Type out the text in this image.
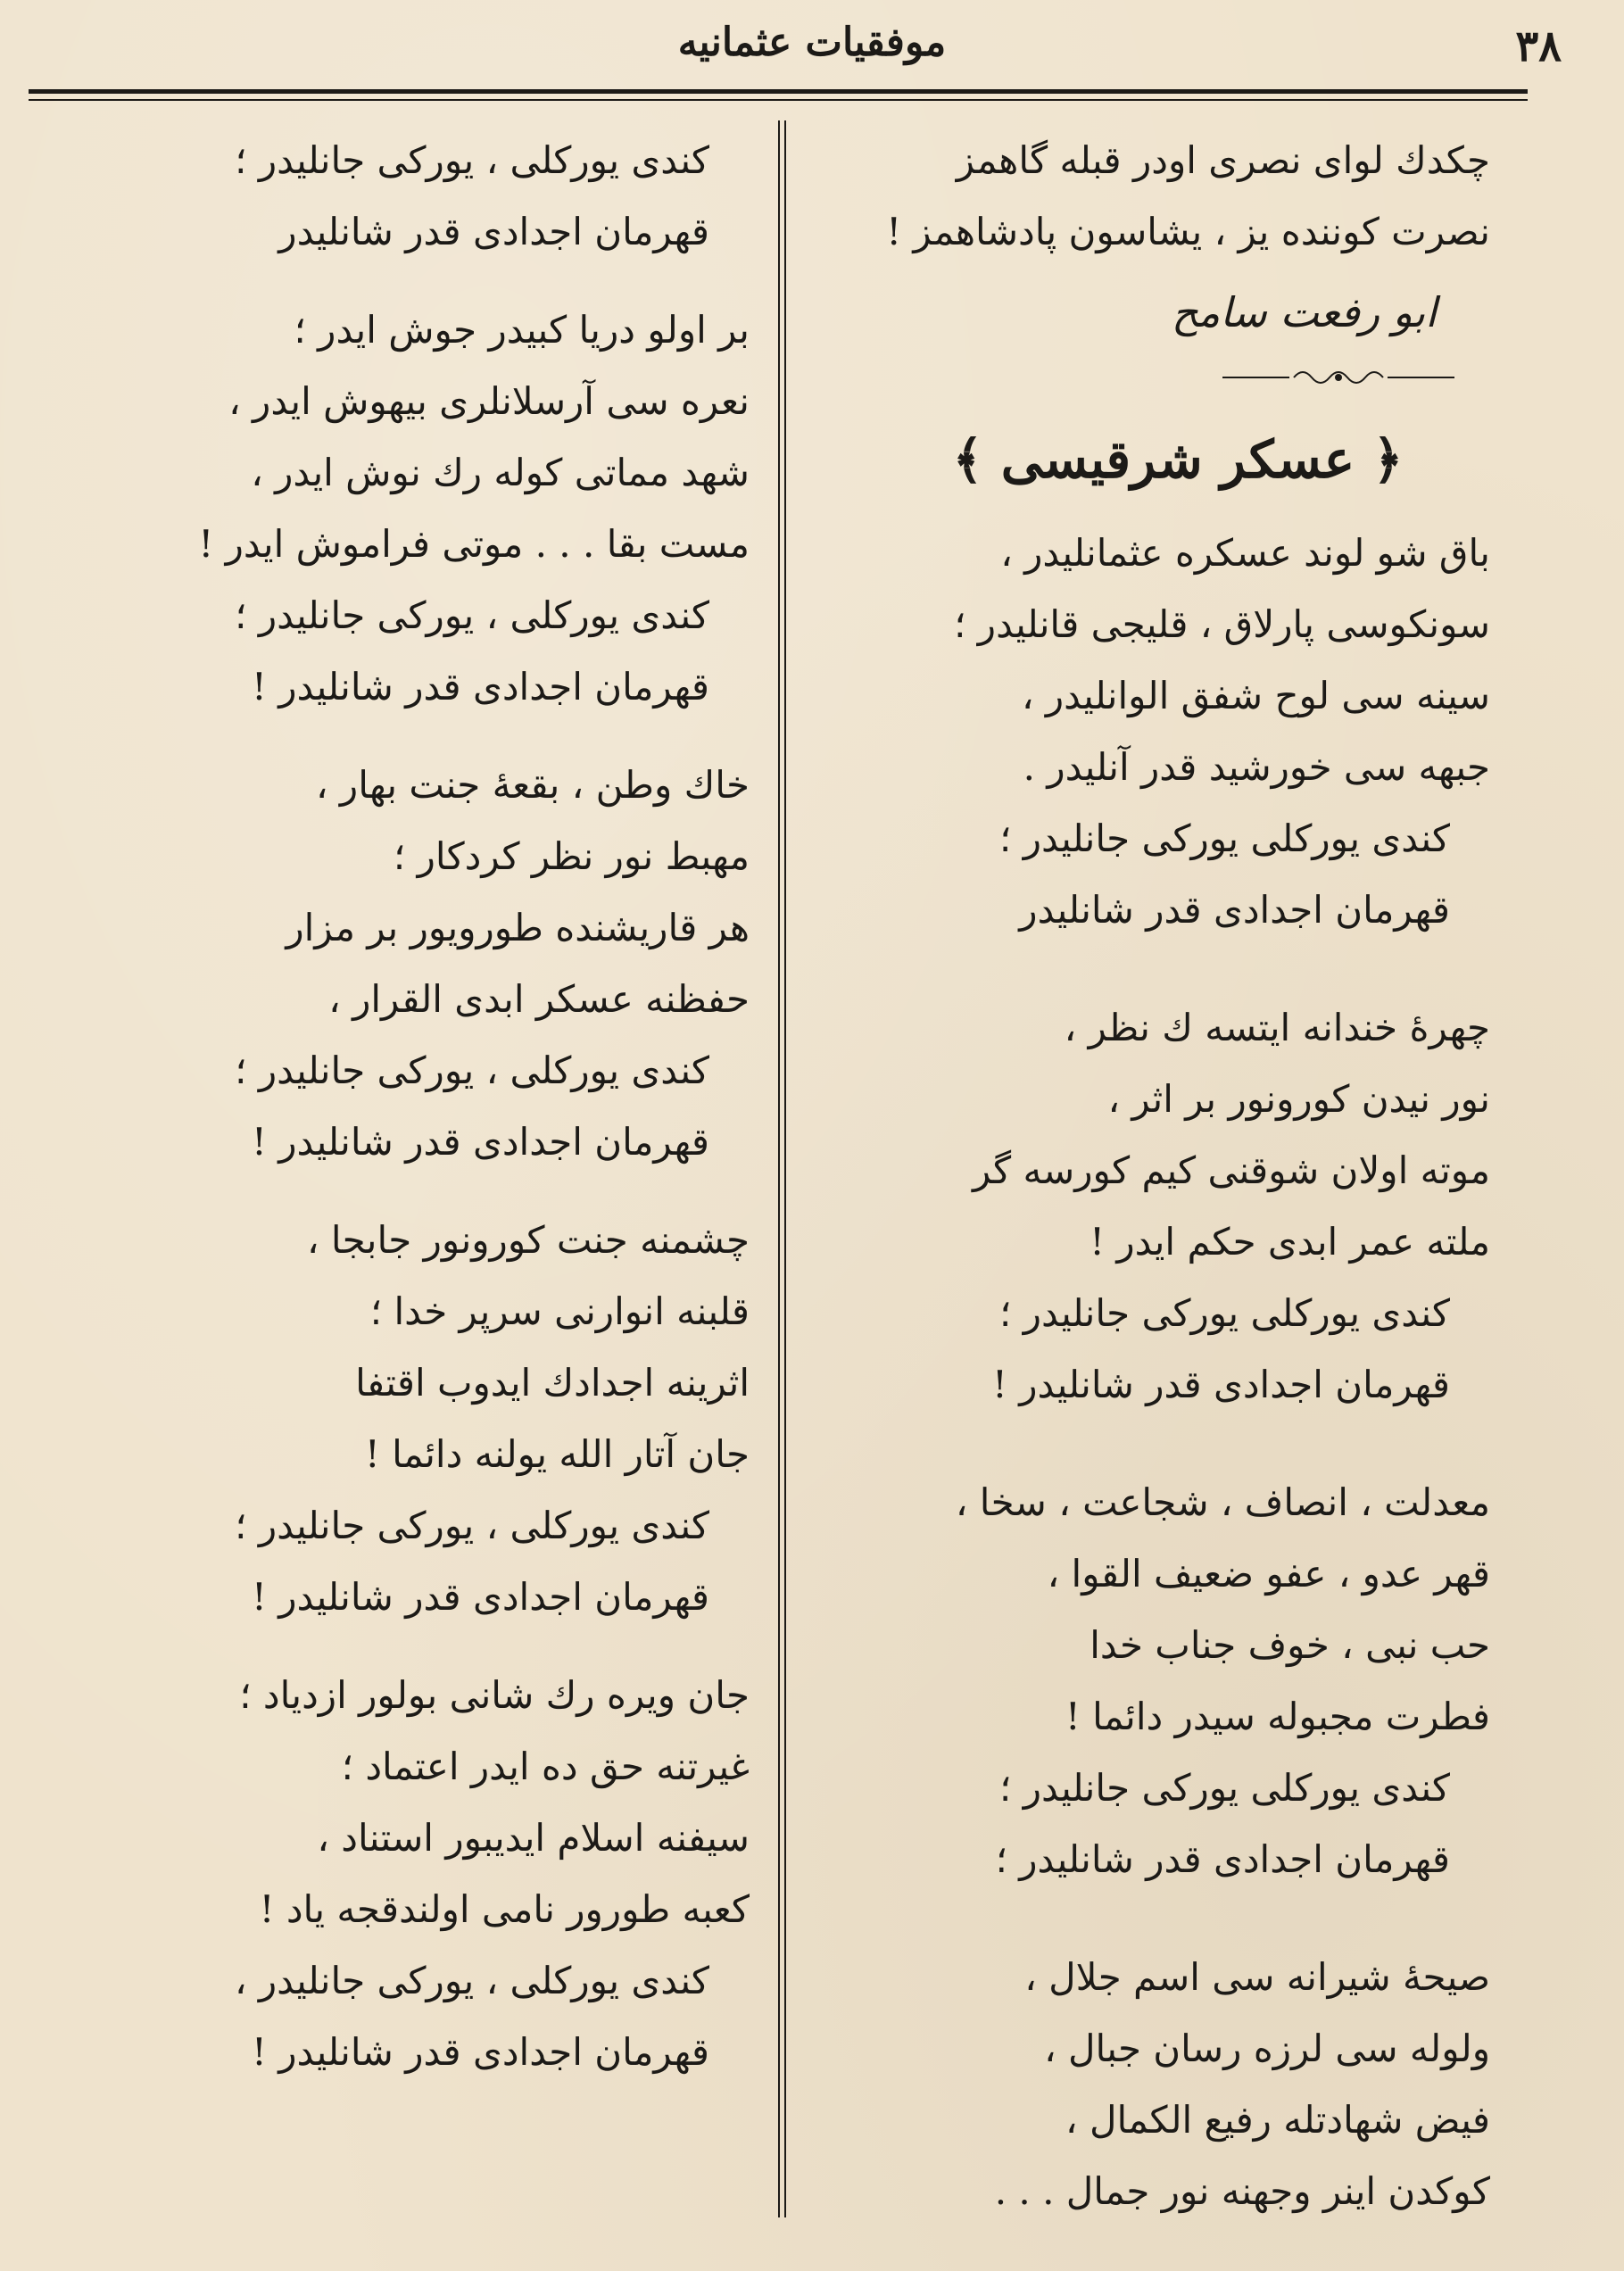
موفقيات عثمانيه	٣٨
چكدك لواى نصرى اودر قبله گاهمز
نصرت كوننده يز ، يشاسون پادشاهمز !
ابو رفعت سامح
﴿ عسكر شرقيسى ﴾
باق شو لوند عسكره عثمانليدر ،
سونكوسى پارلاق ، قليجى قانليدر ؛
سينه سى لوح شفق الوانليدر ،
جبهه سى خورشيد قدر آنليدر .
كندى يوركلى يوركى جانليدر ؛
قهرمان اجدادى قدر شانليدر
چهرۀ خندانه ايتسه ك نظر ،
نور نيدن كورونور بر اثر ،
موته اولان شوقنى كيم كورسه گر
ملته عمر ابدى حكم ايدر !
كندى يوركلى يوركى جانليدر ؛
قهرمان اجدادى قدر شانليدر !
معدلت ، انصاف ، شجاعت ، سخا ،
قهر عدو ، عفو ضعيف القوا ،
حب نبى ، خوف جناب خدا
فطرت مجبوله سيدر دائما !
كندى يوركلى يوركى جانليدر ؛
قهرمان اجدادى قدر شانليدر ؛
صيحۀ شيرانه سى اسم جلال ،
ولوله سى لرزه رسان جبال ،
فيض شهادتله رفيع الكمال ،
كوكدن اينر وجهنه نور جمال . . .
كندى يوركلى ، يوركى جانليدر ؛
قهرمان اجدادى قدر شانليدر
بر اولو دريا كبيدر جوش ايدر ؛
نعره سى آرسلانلرى بيهوش ايدر ،
شهد مماتى كوله رك نوش ايدر ،
مست بقا . . . موتى فراموش ايدر !
كندى يوركلى ، يوركى جانليدر ؛
قهرمان اجدادى قدر شانليدر !
خاك وطن ، بقعۀ جنت بهار ،
مهبط نور نظر كردكار ؛
هر قاريشنده طورويور بر مزار
حفظنه عسكر ابدى القرار ،
كندى يوركلى ، يوركى جانليدر ؛
قهرمان اجدادى قدر شانليدر !
چشمنه جنت كورونور جابجا ،
قلبنه انوارنى سرپر خدا ؛
اثرينه اجدادك ايدوب اقتفا
جان آتار الله يولنه دائما !
كندى يوركلى ، يوركى جانليدر ؛
قهرمان اجدادى قدر شانليدر !
جان ويره رك شانى بولور ازدياد ؛
غيرتنه حق ده ايدر اعتماد ؛
سيفنه اسلام ايديبور استناد ،
كعبه طورور نامى اولندقجه ياد !
كندى يوركلى ، يوركى جانليدر ،
قهرمان اجدادى قدر شانليدر !
